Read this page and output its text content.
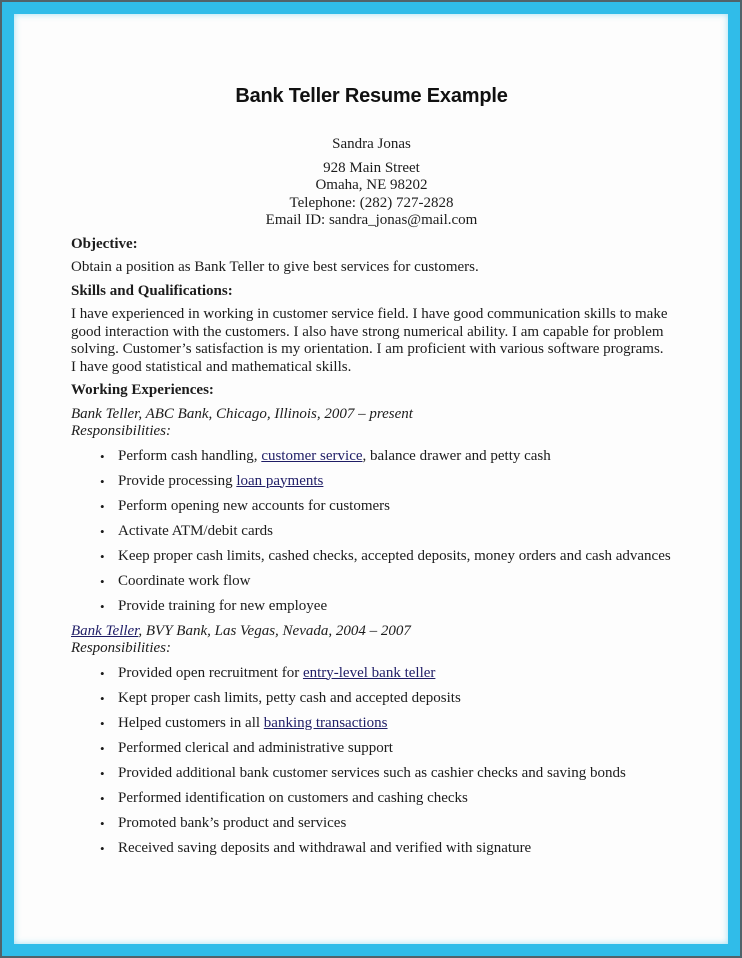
Bank Teller Resume Example

Sandra Jonas

928 Main Street

Omaha, NE 98202

Telephone: (282) 727-2828

Email ID: sandra_jonas@mail.com

Objective:

Obtain a position as Bank Teller to give best services for customers.

Skills and Qualifications:

I have experienced in working in customer service field. I have good communication skills to make good interaction with the customers. I also have strong numerical ability. I am capable for problem solving. Customer’s satisfaction is my orientation. I am proficient with various software programs. I have good statistical and mathematical skills.

Working Experiences:
Bank Teller, ABC Bank, Chicago, Illinois, 2007 – present
Responsibilities:
• Perform cash handling, customer service, balance drawer and petty cash
• Provide processing loan payments
• Perform opening new accounts for customers
• Activate ATM/debit cards
• Keep proper cash limits, cashed checks, accepted deposits, money orders and cash advances
• Coordinate work flow
• Provide training for new employee
Bank Teller, BVY Bank, Las Vegas, Nevada, 2004 – 2007
Responsibilities:
• Provided open recruitment for entry-level bank teller
• Kept proper cash limits, petty cash and accepted deposits
• Helped customers in all banking transactions
• Performed clerical and administrative support
• Provided additional bank customer services such as cashier checks and saving bonds
• Performed identification on customers and cashing checks
• Promoted bank’s product and services
• Received saving deposits and withdrawal and verified with signature
